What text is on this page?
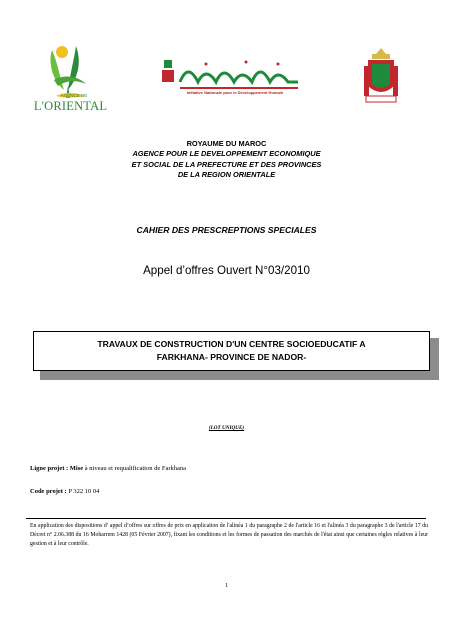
AGENCE DE
L'ORIENTAL
Initiative Nationale pour le Développement Humain
ROYAUME DU MAROC
AGENCE POUR LE DEVELOPPEMENT ECONOMIQUE
ET SOCIAL DE LA PREFECTURE ET DES PROVINCES
DE LA REGION ORIENTALE
CAHIER DES PRESCREPTIONS SPECIALES
Appel d’offres Ouvert N°03/2010
TRAVAUX DE CONSTRUCTION D'UN CENTRE SOCIOEDUCATIF A
FARKHANA- PROVINCE DE NADOR-
(LOT UNIQUE)
Ligne projet : Mise à niveau et requalification de Farkhana
Code projet : P 322 10 04
En application des dispositions d’ appel d’offres sur offres de prix en application de l'alinéa 1 du paragraphe 2 de l'article 16 et l'alinéa 3 du paragraphe 3 de l'article 17 du Décret n° 2.06.388 du 16 Moharrem 1428 (05 Février 2007), fixant les conditions et les formes de passation des marchés de l'état ainsi que certaines règles relatives à leur gestion et à leur contrôle.
1
